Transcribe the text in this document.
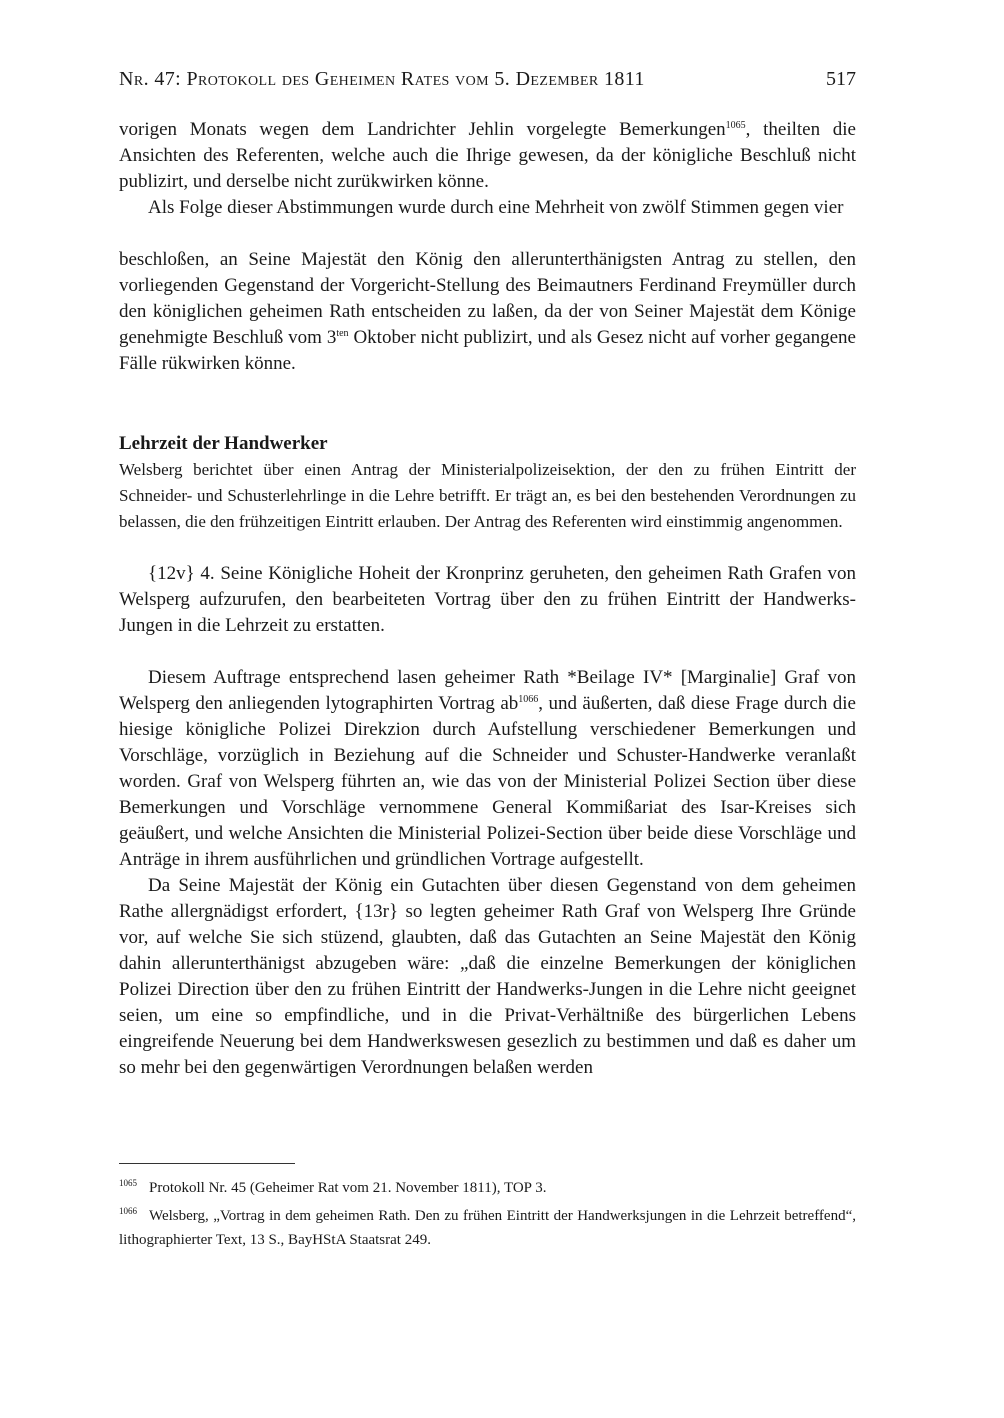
Nr. 47: Protokoll des Geheimen Rates vom 5. Dezember 1811	517

vorigen Monats wegen dem Landrichter Jehlin vorgelegte Bemerkungen$^{1065}$, theilten die Ansichten des Referenten, welche auch die Ihrige gewesen, da der königliche Beschluß nicht publizirt, und derselbe nicht zurükwirken könne.

Als Folge dieser Abstimmungen wurde durch eine Mehrheit von zwölf Stimmen gegen vier

beschloßen, an Seine Majestät den König den allerunterthänigsten Antrag zu stellen, den vorliegenden Gegenstand der Vorgericht-Stellung des Beimautners Ferdinand Freymüller durch den königlichen geheimen Rath entscheiden zu laßen, da der von Seiner Majestät dem Könige genehmigte Beschluß vom $3^{ten}$ Oktober nicht publizirt, und als Gesez nicht auf vorher gegangene Fälle rükwirken könne.

Lehrzeit der Handwerker

Welsberg berichtet über einen Antrag der Ministerialpolizeisektion, der den zu frühen Eintritt der Schneider- und Schusterlehrlinge in die Lehre betrifft. Er trägt an, es bei den bestehenden Verordnungen zu belassen, die den frühzeitigen Eintritt erlauben. Der Antrag des Referenten wird einstimmig angenommen.

{12v} 4. Seine Königliche Hoheit der Kronprinz geruheten, den geheimen Rath Grafen von Welsperg aufzurufen, den bearbeiteten Vortrag über den zu frühen Eintritt der Handwerks-Jungen in die Lehrzeit zu erstatten.

Diesem Auftrage entsprechend lasen geheimer Rath *Beilage IV* [Marginalie] Graf von Welsperg den anliegenden lytographirten Vortrag $ab^{1066}$, und äußerten, daß diese Frage durch die hiesige königliche Polizei Direkzion durch Aufstellung verschiedener Bemerkungen und Vorschläge, vorzüglich in Beziehung auf die Schneider und Schuster-Handwerke veranlaßt worden. Graf von Welsperg führten an, wie das von der Ministerial Polizei Section über diese Bemerkungen und Vorschläge vernommene General Kommißariat des Isar-Kreises sich geäußert, und welche Ansichten die Ministerial Polizei-Section über beide diese Vorschläge und Anträge in ihrem ausführlichen und gründlichen Vortrage aufgestellt.

Da Seine Majestät der König ein Gutachten über diesen Gegenstand von dem geheimen Rathe allergnädigst erfordert, {13r} so legten geheimer Rath Graf von Welsperg Ihre Gründe vor, auf welche Sie sich stüzend, glaubten, daß das Gutachten an Seine Majestät den König dahin allerunterthänigst abzugeben wäre: „daß die einzelne Bemerkungen der königlichen Polizei Direction über den zu frühen Eintritt der Handwerks-Jungen in die Lehre nicht geeignet seien, um eine so empfindliche, und in die Privat-Verhältniße des bürgerlichen Lebens eingreifende Neuerung bei dem Handwerkswesen gesezlich zu bestimmen und daß es daher um so mehr bei den gegenwärtigen Verordnungen belaßen werden

$^{1065}$ Protokoll Nr. 45 (Geheimer Rat vom 21. November 1811), TOP 3.

$^{1066}$ Welsberg, „Vortrag in dem geheimen Rath. Den zu frühen Eintritt der Handwerksjungen in die Lehrzeit betreffend“, lithographierter Text, 13 S., BayHStA Staatsrat 249.
